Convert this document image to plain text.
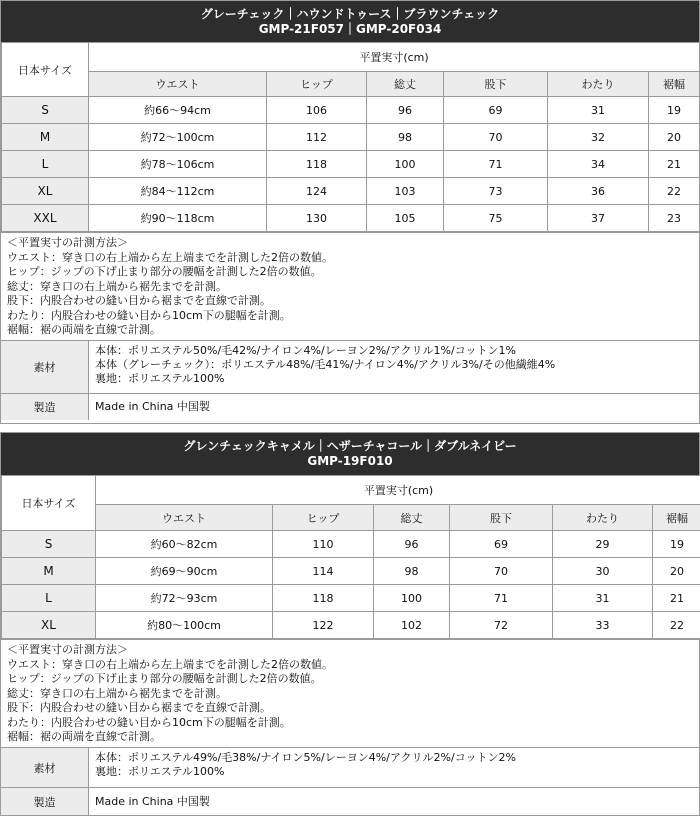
グレーチェック｜ハウンドトゥース｜ブラウンチェック
GMP-21F057｜GMP-20F034
日本サイズ	平置実寸(cm)					
	ウエスト	ヒップ	総丈	股下	わたり	裾幅
S	約66〜94cm	106	96	69	31	19
M	約72〜100cm	112	98	70	32	20
L	約78〜106cm	118	100	71	34	21
XL	約84〜112cm	124	103	73	36	22
XXL	約90〜118cm	130	105	75	37	23
＜平置実寸の計測方法＞
ウエスト：穿き口の右上端から左上端までを計測した2倍の数値。
ヒップ：ジップの下げ止まり部分の腰幅を計測した2倍の数値。
総丈：穿き口の右上端から裾先までを計測。
股下：内股合わせの縫い目から裾までを直線で計測。
わたり：内股合わせの縫い目から10cm下の腿幅を計測。
裾幅：裾の両端を直線で計測。
素材
本体：ポリエステル50%/毛42%/ナイロン4%/レーヨン2%/アクリル1%/コットン1%
本体（グレーチェック）：ポリエステル48%/毛41%/ナイロン4%/アクリル3%/その他繊維4%
裏地：ポリエステル100%
製造	Made in China 中国製
グレンチェックキャメル｜ヘザーチャコール｜ダブルネイビー
GMP-19F010
日本サイズ	平置実寸(cm)					
	ウエスト	ヒップ	総丈	股下	わたり	裾幅
S	約60〜82cm	110	96	69	29	19
M	約69〜90cm	114	98	70	30	20
L	約72〜93cm	118	100	71	31	21
XL	約80〜100cm	122	102	72	33	22
＜平置実寸の計測方法＞
ウエスト：穿き口の右上端から左上端までを計測した2倍の数値。
ヒップ：ジップの下げ止まり部分の腰幅を計測した2倍の数値。
総丈：穿き口の右上端から裾先までを計測。
股下：内股合わせの縫い目から裾までを直線で計測。
わたり：内股合わせの縫い目から10cm下の腿幅を計測。
裾幅：裾の両端を直線で計測。
素材
本体：ポリエステル49%/毛38%/ナイロン5%/レーヨン4%/アクリル2%/コットン2%
裏地：ポリエステル100%
製造	Made in China 中国製
